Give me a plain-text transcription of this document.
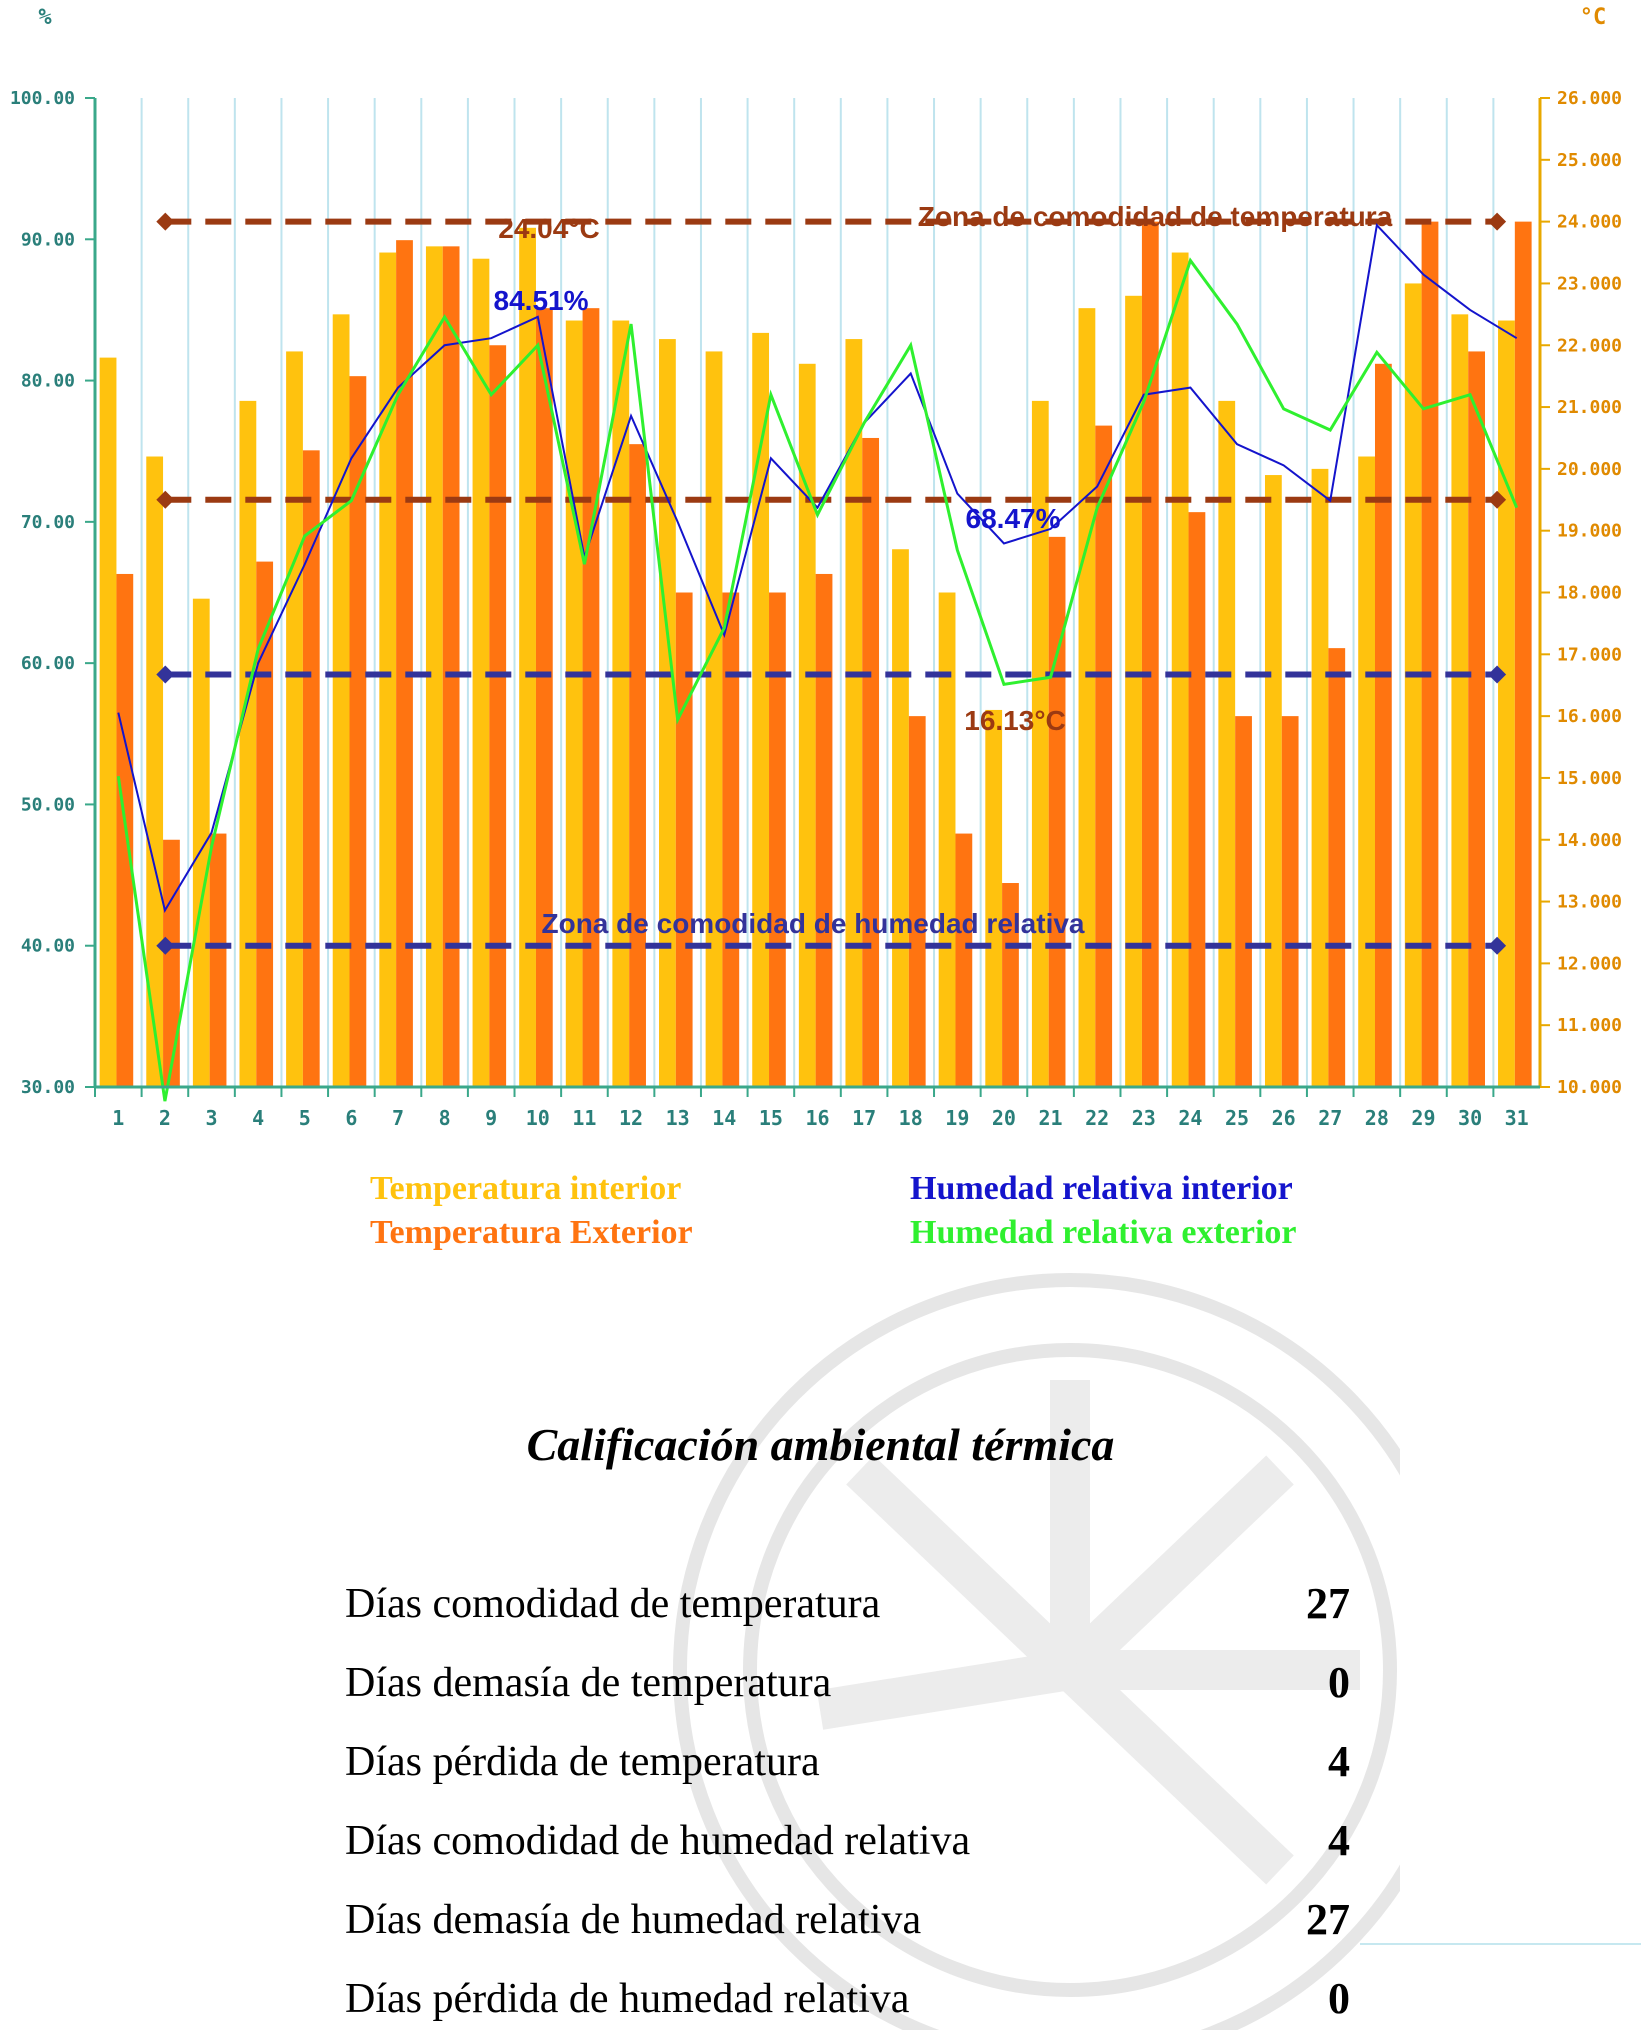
Zona de comodidad de temperatura
Zona de comodidad de humedad relativa
30.00
40.00
50.00
60.00
70.00
80.00
90.00
100.00
10.000
11.000
12.000
13.000
14.000
15.000
16.000
17.000
18.000
19.000
20.000
21.000
22.000
23.000
24.000
25.000
26.000
1 2 3 4 5 6 7 8 9 10 11 12 13 14 15 16 17 18 19 20 21 22 23 24 25 26 27 28 29 30 31
%	°C
24.04°C
84.51%
68.47%
16.13°C
Temperatura interior
Temperatura Exterior
Humedad relativa interior
Humedad relativa exterior
Calificación ambiental térmica
Días comodidad de temperatura	27
Días demasía de temperatura	0
Días pérdida de temperatura	4
Días comodidad de humedad relativa	4
Días demasía de humedad relativa	27
Días pérdida de humedad relativa	0
